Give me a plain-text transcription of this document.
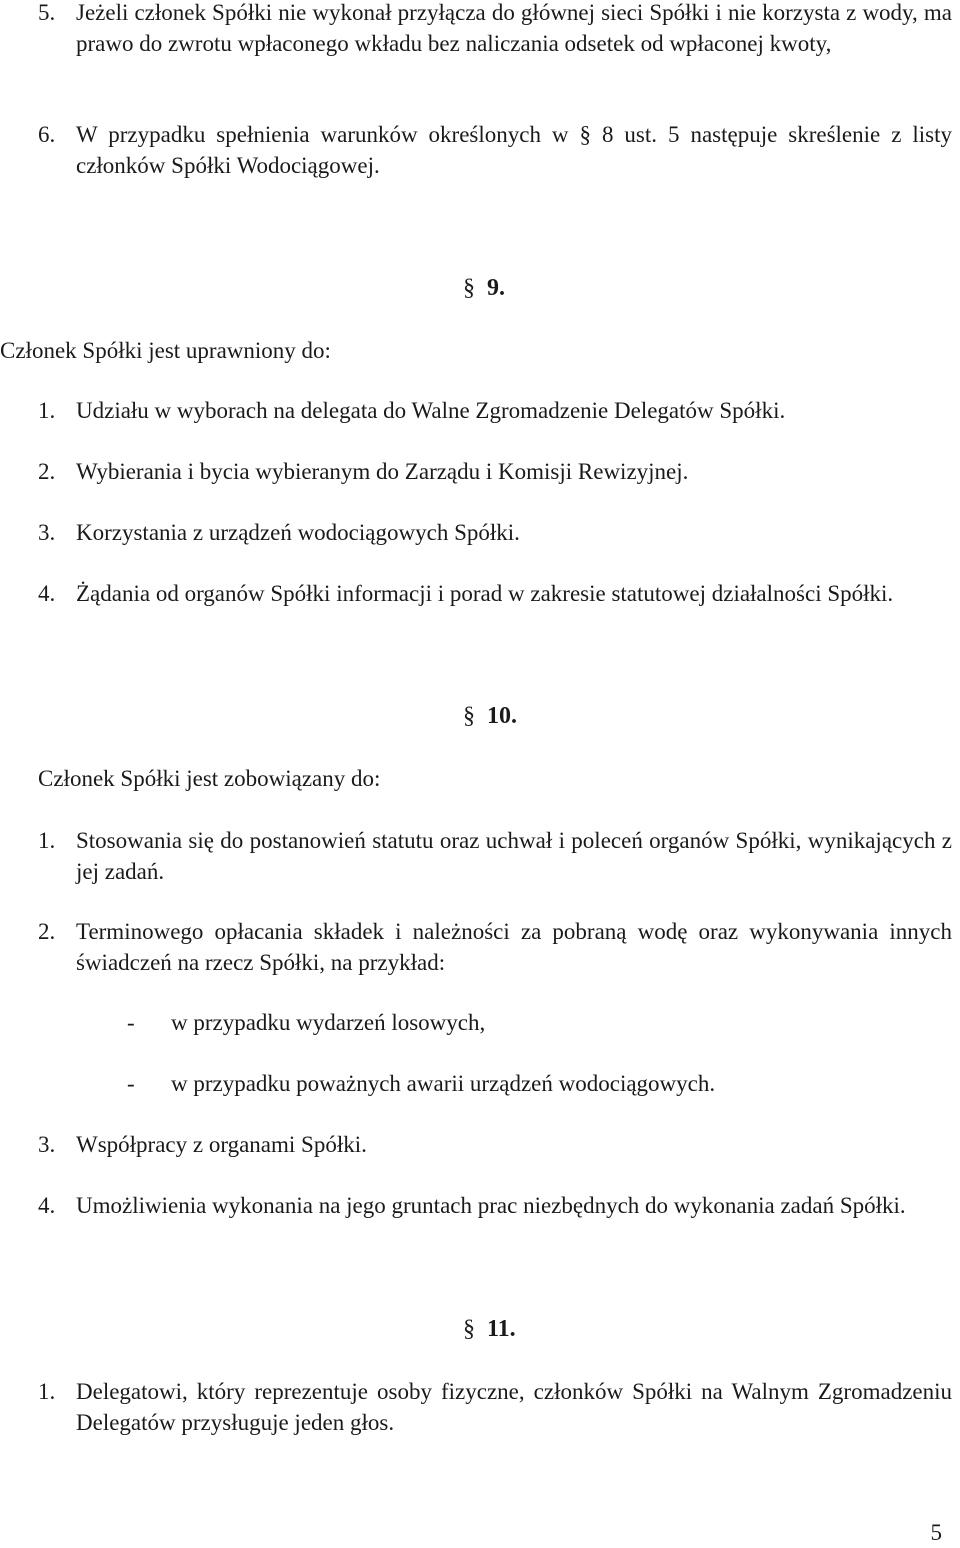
5. Jeżeli członek Spółki nie wykonał przyłącza do głównej sieci Spółki i nie korzysta z wody, ma prawo do zwrotu wpłaconego wkładu bez naliczania odsetek od wpłaconej kwoty,
6. W przypadku spełnienia warunków określonych w § 8 ust. 5 następuje skreślenie z listy członków Spółki Wodociągowej.
§ 9.
Członek Spółki jest uprawniony do:
1. Udziału w wyborach na delegata do Walne Zgromadzenie Delegatów Spółki.
2. Wybierania i bycia wybieranym do Zarządu i Komisji Rewizyjnej.
3. Korzystania z urządzeń wodociągowych Spółki.
4. Żądania od organów Spółki informacji i porad w zakresie statutowej działalności Spółki.
§ 10.
Członek Spółki jest zobowiązany do:
1. Stosowania się do postanowień statutu oraz uchwał i poleceń organów Spółki, wynikających z jej zadań.
2. Terminowego opłacania składek i należności za pobraną wodę oraz wykonywania innych świadczeń na rzecz Spółki, na przykład:
- w przypadku wydarzeń losowych,
- w przypadku poważnych awarii urządzeń wodociągowych.
3. Współpracy z organami Spółki.
4. Umożliwienia wykonania na jego gruntach prac niezbędnych do wykonania zadań Spółki.
§ 11.
1. Delegatowi, który reprezentuje osoby fizyczne, członków Spółki na Walnym Zgromadzeniu Delegatów przysługuje jeden głos.
5
